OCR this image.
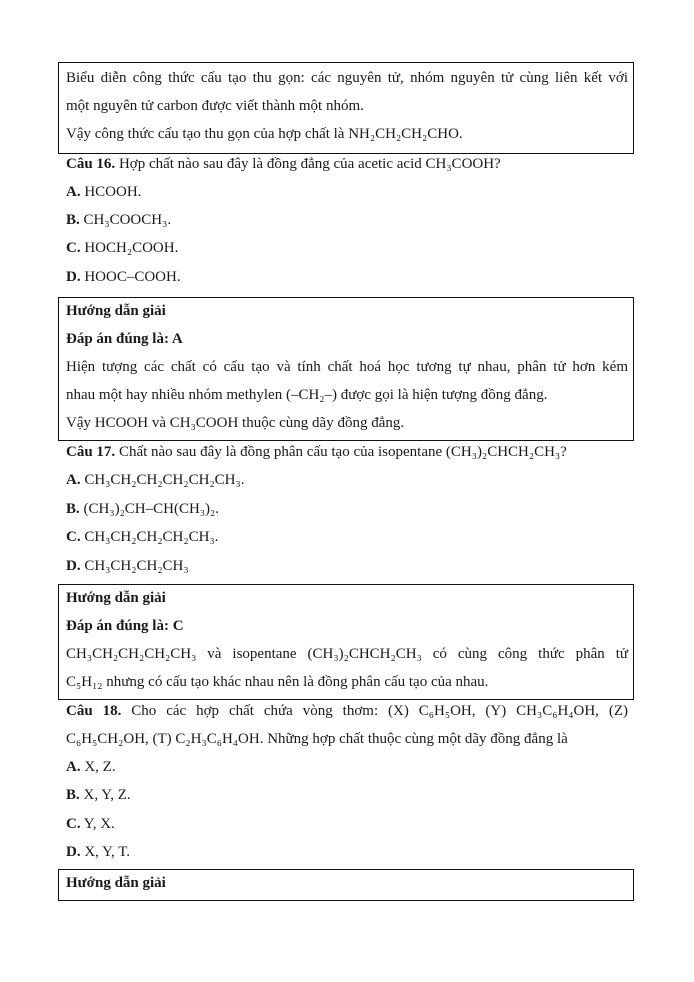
Biểu diễn công thức cấu tạo thu gọn: các nguyên tử, nhóm nguyên tử cùng liên kết với
một nguyên tử carbon được viết thành một nhóm.
Vậy công thức cấu tạo thu gọn của hợp chất là NH₂CH₂CH₂CHO.
Câu 16. Hợp chất nào sau đây là đồng đẳng của acetic acid CH₃COOH?
A. HCOOH.
B. CH₃COOCH₃.
C. HOCH₂COOH.
D. HOOC–COOH.
Hướng dẫn giải
Đáp án đúng là: A
Hiện tượng các chất có cấu tạo và tính chất hoá học tương tự nhau, phân tử hơn kém
nhau một hay nhiều nhóm methylen (–CH₂–) được gọi là hiện tượng đồng đẳng.
Vậy HCOOH và CH₃COOH thuộc cùng dãy đồng đẳng.
Câu 17. Chất nào sau đây là đồng phân cấu tạo của isopentane (CH₃)₂CHCH₂CH₃?
A. CH₃CH₂CH₂CH₂CH₂CH₃.
B. (CH₃)₂CH–CH(CH₃)₂.
C. CH₃CH₂CH₂CH₂CH₃.
D. CH₃CH₂CH₂CH₃
Hướng dẫn giải
Đáp án đúng là: C
CH₃CH₂CH₂CH₂CH₃ và isopentane (CH₃)₂CHCH₂CH₃ có cùng công thức phân tử
C₅H₁₂ nhưng có cấu tạo khác nhau nên là đồng phân cấu tạo của nhau.
Câu 18. Cho các hợp chất chứa vòng thơm: (X) C₆H₅OH, (Y) CH₃C₆H₄OH, (Z)
C₆H₅CH₂OH, (T) C₂H₃C₆H₄OH. Những hợp chất thuộc cùng một dãy đồng đẳng là
A. X, Z.
B. X, Y, Z.
C. Y, X.
D. X, Y, T.
Hướng dẫn giải
